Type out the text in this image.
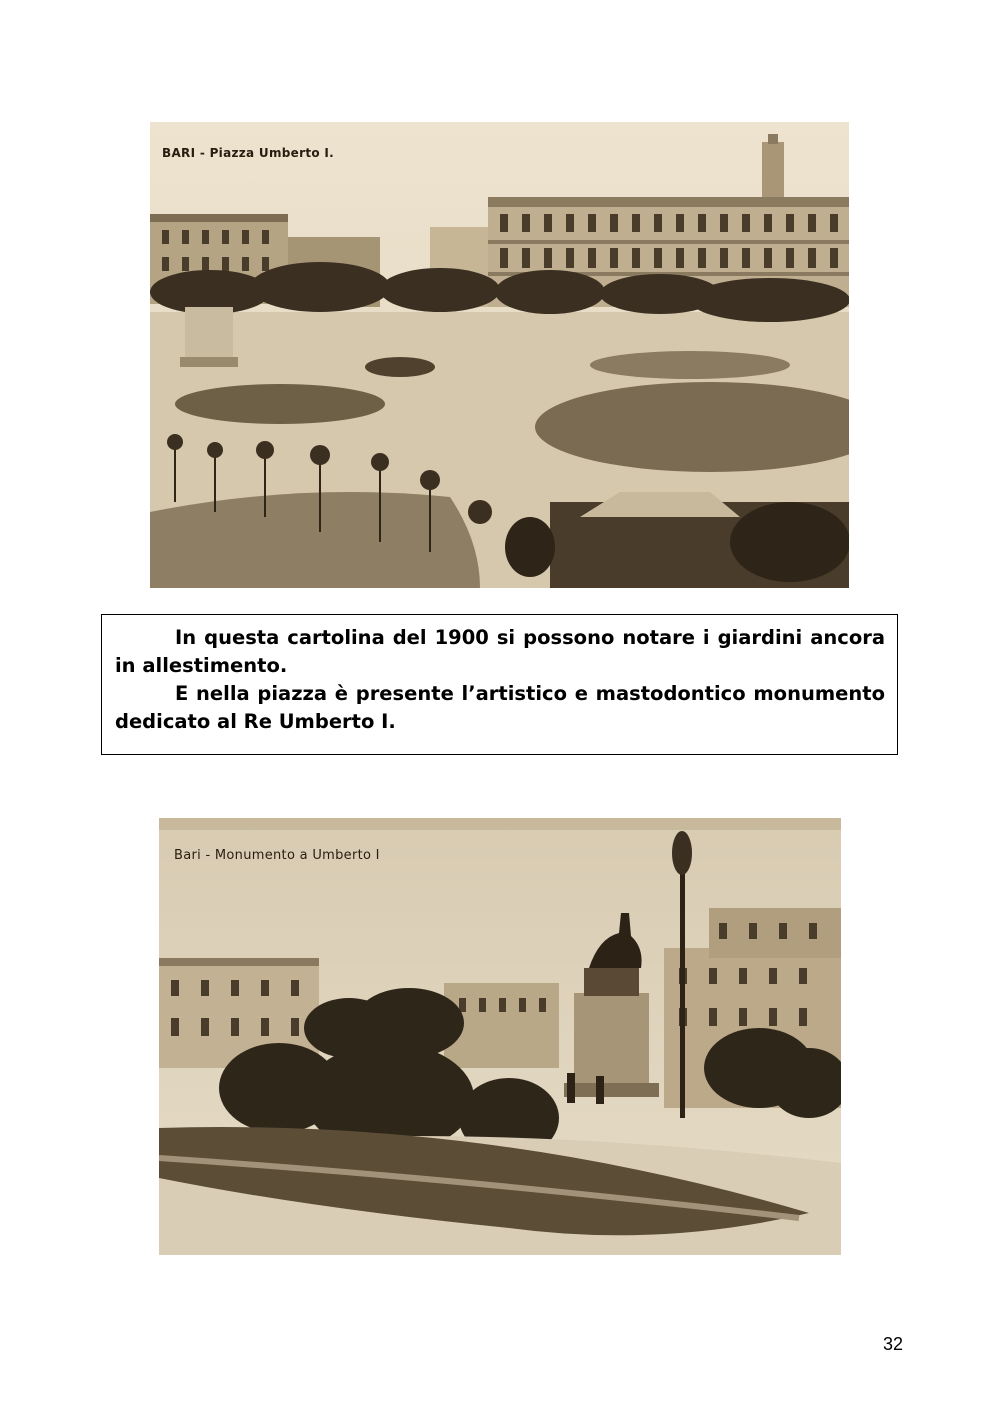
BARI - Piazza Umberto I.

In questa cartolina del 1900 si possono notare i giardini ancora in allestimento.

E nella piazza è presente l’artistico e mastodontico monumento dedicato al Re Umberto I.

Bari - Monumento a Umberto I
32
